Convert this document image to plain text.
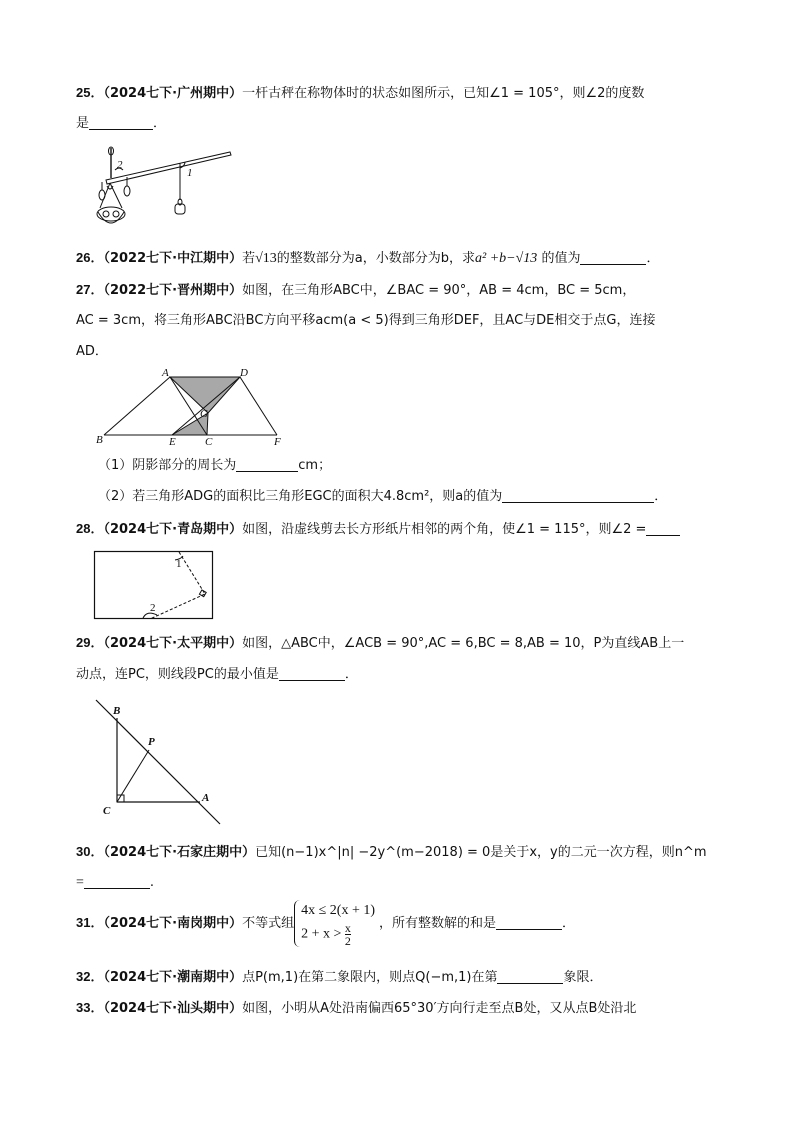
25．（2024七下·广州期中）一杆古秤在称物体时的状态如图所示，已知∠1 = 105°，则∠2的度数
是	．
2
1
26．（2022七下·中江期中）若√13的整数部分为a，小数部分为b，求a² +b−√13 的值为	．
27．（2022七下·晋州期中）如图，在三角形ABC中，∠BAC = 90°，AB = 4cm，BC = 5cm，
AC = 3cm，将三角形ABC沿BC方向平移acm(a < 5)得到三角形DEF，且AC与DE相交于点G，连接
AD．
A	D
G
B	E	C	F
（1）阴影部分的周长为	cm；
（2）若三角形ADG的面积比三角形EGC的面积大4.8cm²，则a的值为	．
28．（2024七下·青岛期中）如图，沿虚线剪去长方形纸片相邻的两个角，使∠1 = 115°，则∠2 =
1
2
29．（2024七下·太平期中）如图，△ABC中，∠ACB = 90°,AC = 6,BC = 8,AB = 10，P为直线AB上一
动点，连PC，则线段PC的最小值是	．
B
P
C
A
30．（2024七下·石家庄期中）已知(n−1)x^|n| −2y^(m−2018) = 0是关于x，y的二元一次方程，则n^m
=	.
31．（2024七下·南岗期中）不等式组
4x ≤ 2(x + 1)
$2 + x > \frac{x}{2}$ ，所有整数解的和是	．
32．（2024七下·潮南期中）点P(m,1)在第二象限内，则点Q(−m,1)在第	象限．
33．（2024七下·汕头期中）如图，小明从A处沿南偏西65°30′方向行走至点B处，又从点B处沿北
